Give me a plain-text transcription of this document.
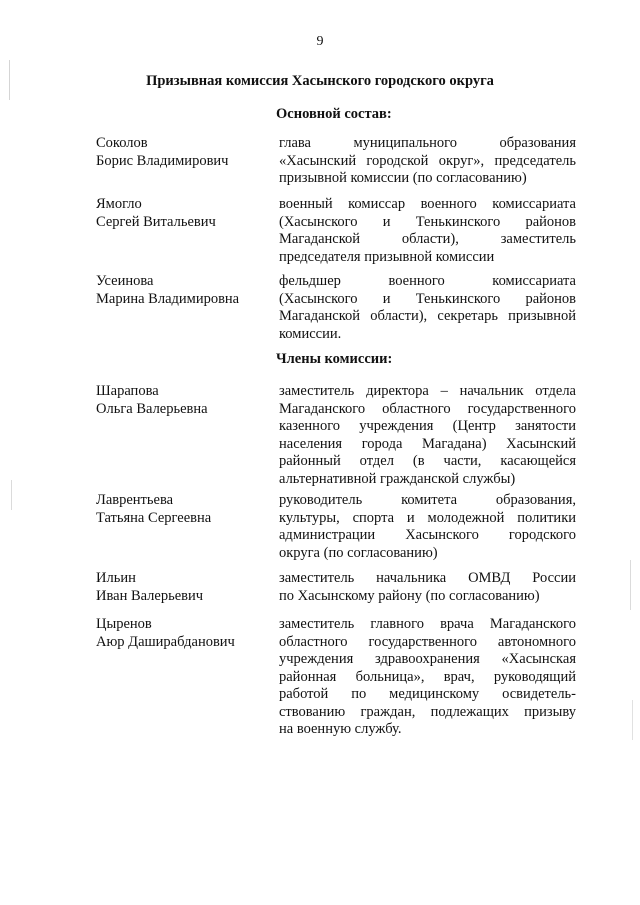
9
Призывная комиссия Хасынского городского округа
Основной состав:
Соколов
Борис Владимирович
глава муниципального образования
«Хасынский городской округ», председатель
призывной комиссии (по согласованию)
Ямогло
Сергей Витальевич
военный комиссар военного комиссариата
(Хасынского и Тенькинского районов
Магаданской области), заместитель
председателя призывной комиссии
Усеинова
Марина Владимировна
фельдшер военного комиссариата
(Хасынского и Тенькинского районов
Магаданской области), секретарь призывной
комиссии.
Члены комиссии:
Шарапова
Ольга Валерьевна
заместитель директора – начальник отдела
Магаданского областного государственного
казенного учреждения (Центр занятости
населения города Магадана) Хасынский
районный отдел (в части, касающейся
альтернативной гражданской службы)
Лаврентьева
Татьяна Сергеевна
руководитель комитета образования,
культуры, спорта и молодежной политики
администрации Хасынского городского
округа (по согласованию)
Ильин
Иван Валерьевич
заместитель начальника ОМВД России
по Хасынскому району (по согласованию)
Цыренов
Аюр Даширабданович
заместитель главного врача Магаданского
областного государственного автономного
учреждения здравоохранения «Хасынская
районная больница», врач, руководящий
работой по медицинскому освидетель-
ствованию граждан, подлежащих призыву
на военную службу.
